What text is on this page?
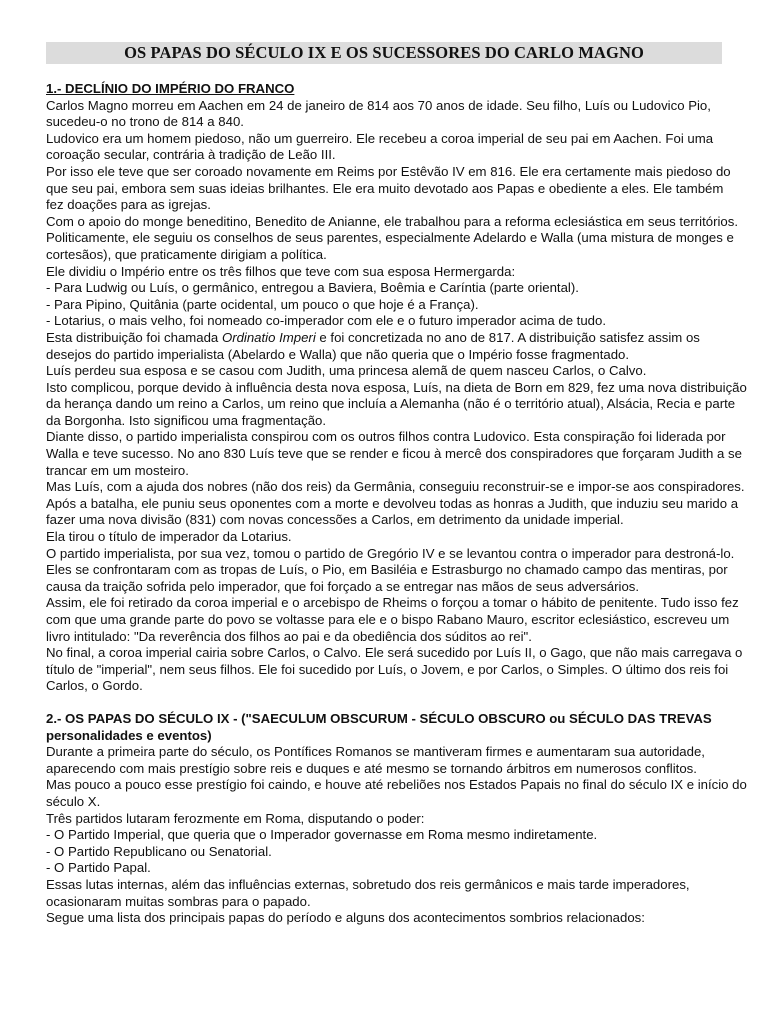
OS PAPAS DO SÉCULO IX E OS SUCESSORES DO CARLO MAGNO
1.- DECLÍNIO DO IMPÉRIO DO FRANCO
Carlos Magno morreu em Aachen em 24 de janeiro de 814 aos 70 anos de idade. Seu filho, Luís ou Ludovico Pio,
sucedeu-o no trono de 814 a 840.
Ludovico era um homem piedoso, não um guerreiro. Ele recebeu a coroa imperial de seu pai em Aachen. Foi uma
coroação secular, contrária à tradição de Leão III.
Por isso ele teve que ser coroado novamente em Reims por Estêvão IV em 816. Ele era certamente mais piedoso do
que seu pai, embora sem suas ideias brilhantes. Ele era muito devotado aos Papas e obediente a eles. Ele também
fez doações para as igrejas.
Com o apoio do monge beneditino, Benedito de Anianne, ele trabalhou para a reforma eclesiástica em seus territórios.
Politicamente, ele seguiu os conselhos de seus parentes, especialmente Adelardo e Walla (uma mistura de monges e
cortesãos), que praticamente dirigiam a política.
Ele dividiu o Império entre os três filhos que teve com sua esposa Hermergarda:
- Para Ludwig ou Luís, o germânico, entregou a Baviera, Boêmia e Caríntia (parte oriental).
- Para Pipino, Quitânia (parte ocidental, um pouco o que hoje é a França).
- Lotarius, o mais velho, foi nomeado co-imperador com ele e o futuro imperador acima de tudo.
Esta distribuição foi chamada Ordinatio Imperi e foi concretizada no ano de 817. A distribuição satisfez assim os
desejos do partido imperialista (Abelardo e Walla) que não queria que o Império fosse fragmentado.
Luís perdeu sua esposa e se casou com Judith, uma princesa alemã de quem nasceu Carlos, o Calvo.
Isto complicou, porque devido à influência desta nova esposa, Luís, na dieta de Born em 829, fez uma nova distribuição
da herança dando um reino a Carlos, um reino que incluía a Alemanha (não é o território atual), Alsácia, Recia e parte
da Borgonha. Isto significou uma fragmentação.
Diante disso, o partido imperialista conspirou com os outros filhos contra Ludovico. Esta conspiração foi liderada por
Walla e teve sucesso. No ano 830 Luís teve que se render e ficou à mercê dos conspiradores que forçaram Judith a se
trancar em um mosteiro.
Mas Luís, com a ajuda dos nobres (não dos reis) da Germânia, conseguiu reconstruir-se e impor-se aos conspiradores.
Após a batalha, ele puniu seus oponentes com a morte e devolveu todas as honras a Judith, que induziu seu marido a
fazer uma nova divisão (831) com novas concessões a Carlos, em detrimento da unidade imperial.
Ela tirou o título de imperador da Lotarius.
O partido imperialista, por sua vez, tomou o partido de Gregório IV e se levantou contra o imperador para destroná-lo.
Eles se confrontaram com as tropas de Luís, o Pio, em Basiléia e Estrasburgo no chamado campo das mentiras, por
causa da traição sofrida pelo imperador, que foi forçado a se entregar nas mãos de seus adversários.
Assim, ele foi retirado da coroa imperial e o arcebispo de Rheims o forçou a tomar o hábito de penitente. Tudo isso fez
com que uma grande parte do povo se voltasse para ele e o bispo Rabano Mauro, escritor eclesiástico, escreveu um
livro intitulado: "Da reverência dos filhos ao pai e da obediência dos súditos ao rei".
No final, a coroa imperial cairia sobre Carlos, o Calvo. Ele será sucedido por Luís II, o Gago, que não mais carregava o
título de "imperial", nem seus filhos. Ele foi sucedido por Luís, o Jovem, e por Carlos, o Simples. O último dos reis foi
Carlos, o Gordo.
2.- OS PAPAS DO SÉCULO IX - ("SAECULUM OBSCURUM - SÉCULO OBSCURO ou SÉCULO DAS TREVAS
personalidades e eventos)
Durante a primeira parte do século, os Pontífices Romanos se mantiveram firmes e aumentaram sua autoridade,
aparecendo com mais prestígio sobre reis e duques e até mesmo se tornando árbitros em numerosos conflitos.
Mas pouco a pouco esse prestígio foi caindo, e houve até rebeliões nos Estados Papais no final do século IX e início do
século X.
Três partidos lutaram ferozmente em Roma, disputando o poder:
- O Partido Imperial, que queria que o Imperador governasse em Roma mesmo indiretamente.
- O Partido Republicano ou Senatorial.
- O Partido Papal.
Essas lutas internas, além das influências externas, sobretudo dos reis germânicos e mais tarde imperadores,
ocasionaram muitas sombras para o papado.
Segue uma lista dos principais papas do período e alguns dos acontecimentos sombrios relacionados:
